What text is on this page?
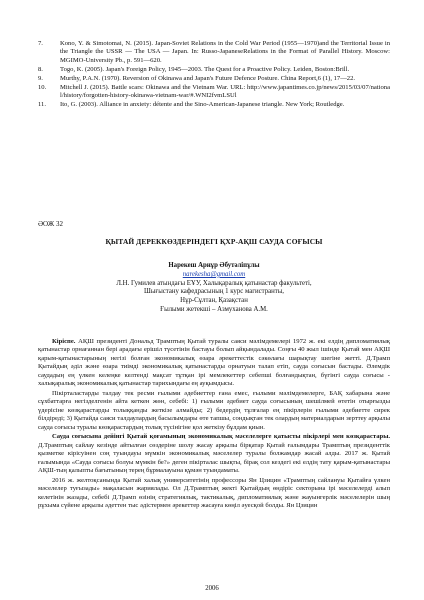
7.	Kono, Y. & Simotomai, N. (2015). Japan-Soviet Relations in the Cold War Period (1955—1970)and the Territorial Issue in the Triangle the USSR — The USA — Japan. In: Russo-JapaneseRelations in the Format of Parallel History. Moscow: MGIMO-University Pb., p. 591—620.
8.	Togo, K. (2005). Japan's Foreign Policy, 1945—2003. The Quest for a Proactive Policy. Leiden, Boston:Brill.
9.	Murthy, P.A.N. (1970). Reversion of Okinawa and Japan's Future Defence Posture. China Report,6 (1), 17—22.
10.	Mitchell J. (2015). Battle scars: Okinawa and the Vietnam War. URL: http://www.japantimes.co.jp/news/2015/03/07/national/history/forgotten-history-okinawa-vietnam-war/#.WNI2fvmLSUl
11.	Ito, G. (2003). Alliance in anxiety: détente and the Sino-American-Japanese triangle. New York; Routledge.
ӘОЖ 32
ҚЫТАЙ ДЕРЕККӨЗДЕРІНДЕГІ ҚХР-АҚШ САУДА СОҒЫСЫ
Нарекеш Арнұр Әбутәліпұлы
narekesha@gmail.com
Л.Н. Гумилев атындағы ЕҰУ, Халықаралық қатынастар факультеті,
Шығыстану кафедрасының 1 курс магистранты,
Нұр-Сұлтан, Қазақстан
Ғылыми жетекші – Азмуханова А.М.

Кіріспе. АҚШ президенті Дональд Трамптың Қытай туралы саяси мәлімдемелері 1972 ж. екі елдің дипломатиялық қатынастар орнағаннан бері арадағы ерішіл түсетінін бастауы болып айқындалады. Соңғы 40 жыл ішінде Қытай мен АҚШ қарым-қатынастарының негізі болған экономикалық өзара әрекеттестік сәкөлағы шарықтау шегіне жетті. Д.Трамп Қытайдың әділ және өзара тиімді экономикалық қатынастарды орнатуын талап етіп, сауда соғысын бастады. Әлемдік саудадың ең үлкен келеңке келтенді мақсат тұтқан ірі мемлекеттер себепші болғандықтан, бүгінгі сауда соғысы - халықаралық экономикалық қатынастар тарихындағы ең ауқымдысы.

Пікірталастарды талдау тек ресми ғылыми әдебиеттер ғана емес, ғылыми мәлімдемелерге, БАҚ хабарына және сұхбаттарға негізделгенін айта кеткен жөн, себебі: 1) ғылыми әдебиет сауда соғысының шешілмей өтетін отырғызды үдерісіне көзқарастарды толыққанды жеткізе алмайды; 2) бедердің тұлғалар ең пікірлерін ғылыми әдебиетте сирек білдіреді; 3) Қытайда саяси талдаулардың басылымдары өте тапшы, сондықтан тек олардың материалдарын зерттеу арқылы сауда соғысы туралы көзқарастардың толық түсінігіне қол жеткізу бұлдам қиын.

Сауда соғысына дейінгі Қытай қоғамының экономикалық мәселелерге қатысты пікірлері мен көзқарастары. Д.Трамптың сайлау кезінде айтылған сөздеріне шолу жасау арқылы бірқатар Қытай ғалымдары Трамптың президенттік қызметке кірісуінен соң туындауы мүмкін экономикалық мәселелер туралы болжамдар жасай алды. 2017 ж. Қытай ғалымында «Сауда соғысы болуы мүмкін бе?» деген пікірталас шықты, бірақ сол кездегі екі елдің тату қарым-қатынастары АҚШ-тың қалыпты бағытының терең бұрмалауына құмән туындаматы.

2016 ж. желтоқсанында Қытай халық университетінің профессоры Ян Цзицин «Трамптың сайлануы Қытайға үлкен мәселелер туғызады» мақаласын жариялады. Ол Д.Трамптың жекті Қытайдың өндіріс секторына ірі мәселелерді алып келетінін жазады, себебі Д.Трамп өзінің стратегиялық, тактикалық, дипломатиялық және жауынгерлік мәселелерін шың рұхыма сүйене арқылы әдеттен тыс әдістермен әрекеттер жасауға көңіл әуесқой болды. Ян Цзицин

2006
